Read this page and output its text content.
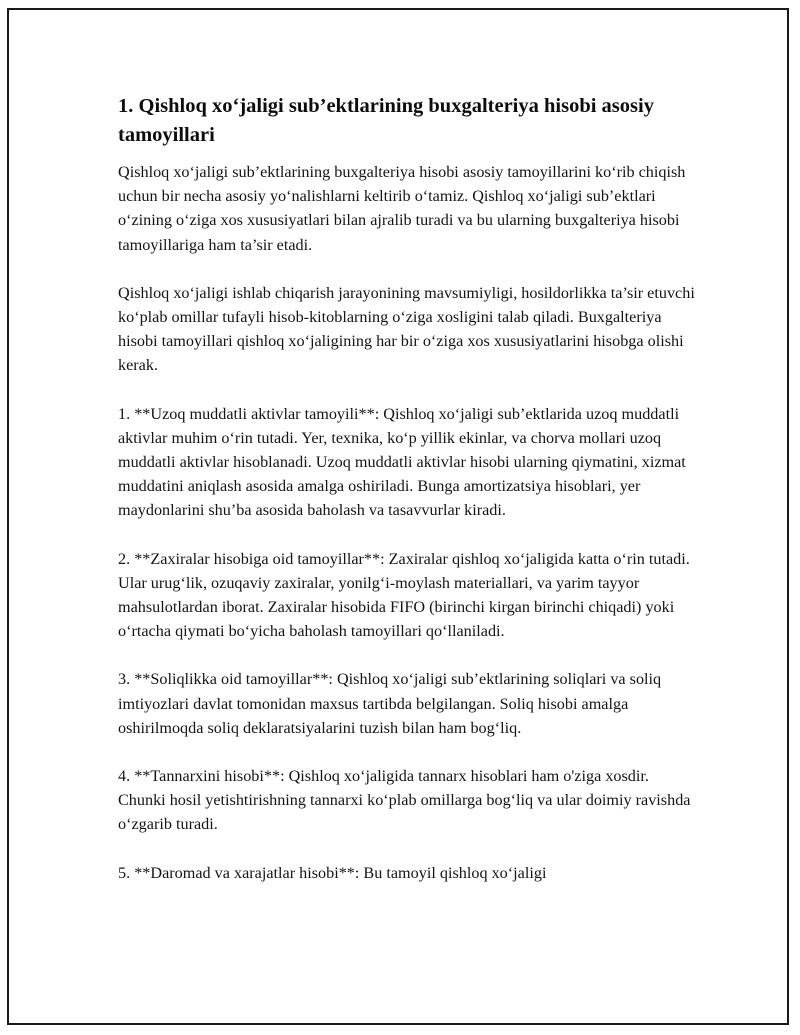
1. Qishloq xo‘jaligi sub’ektlarining buxgalteriya hisobi asosiy tamoyillari

Qishloq xo‘jaligi sub’ektlarining buxgalteriya hisobi asosiy tamoyillarini ko‘rib chiqish uchun bir necha asosiy yo‘nalishlarni keltirib o‘tamiz. Qishloq xo‘jaligi sub’ektlari o‘zining o‘ziga xos xususiyatlari bilan ajralib turadi va bu ularning buxgalteriya hisobi tamoyillariga ham ta’sir etadi.

Qishloq xo‘jaligi ishlab chiqarish jarayonining mavsumiyligi, hosildorlikka ta’sir etuvchi ko‘plab omillar tufayli hisob-kitoblarning o‘ziga xosligini talab qiladi. Buxgalteriya hisobi tamoyillari qishloq xo‘jaligining har bir o‘ziga xos xususiyatlarini hisobga olishi kerak.

1. **Uzoq muddatli aktivlar tamoyili**: Qishloq xo‘jaligi sub’ektlarida uzoq muddatli aktivlar muhim o‘rin tutadi. Yer, texnika, ko‘p yillik ekinlar, va chorva mollari uzoq muddatli aktivlar hisoblanadi. Uzoq muddatli aktivlar hisobi ularning qiymatini, xizmat muddatini aniqlash asosida amalga oshiriladi. Bunga amortizatsiya hisoblari, yer maydonlarini shu’ba asosida baholash va tasavvurlar kiradi.

2. **Zaxiralar hisobiga oid tamoyillar**: Zaxiralar qishloq xo‘jaligida katta o‘rin tutadi. Ular urug‘lik, ozuqaviy zaxiralar, yonilg‘i-moylash materiallari, va yarim tayyor mahsulotlardan iborat. Zaxiralar hisobida FIFO (birinchi kirgan birinchi chiqadi) yoki o‘rtacha qiymati bo‘yicha baholash tamoyillari qo‘llaniladi.

3. **Soliqlikka oid tamoyillar**: Qishloq xo‘jaligi sub’ektlarining soliqlari va soliq imtiyozlari davlat tomonidan maxsus tartibda belgilangan. Soliq hisobi amalga oshirilmoqda soliq deklaratsiyalarini tuzish bilan ham bog‘liq.

4. **Tannarxini hisobi**: Qishloq xo‘jaligida tannarx hisoblari ham o'ziga xosdir. Chunki hosil yetishtirishning tannarxi ko‘plab omillarga bog‘liq va ular doimiy ravishda o‘zgarib turadi.

5. **Daromad va xarajatlar hisobi**: Bu tamoyil qishloq xo‘jaligi
